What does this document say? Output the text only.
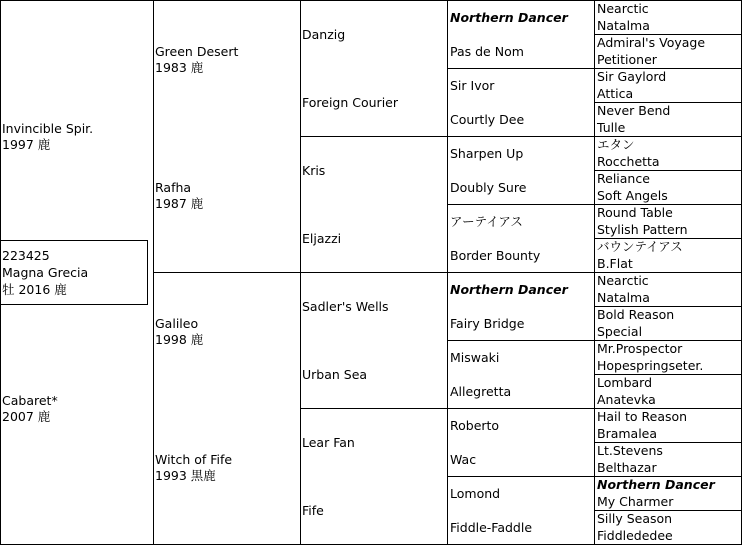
Invincible Spir.
1997 鹿
223425
Magna Grecia
牡 2016 鹿
Cabaret*
2007 鹿
Green Desert
1983 鹿
Rafha
1987 鹿
Galileo
1998 鹿
Witch of Fife
1993 黒鹿
Danzig
Foreign Courier
Kris
Eljazzi
Sadler's Wells
Urban Sea
Lear Fan
Fife
Northern Dancer
Pas de Nom
Sir Ivor
Courtly Dee
Sharpen Up
Doubly Sure
アーテイアス
Border Bounty
Northern Dancer
Fairy Bridge
Miswaki
Allegretta
Roberto
Wac
Lomond
Fiddle-Faddle
Nearctic
Natalma
Admiral's Voyage
Petitioner
Sir Gaylord
Attica
Never Bend
Tulle
エタン
Rocchetta
Reliance
Soft Angels
Round Table
Stylish Pattern
バウンテイアス
B.Flat
Nearctic
Natalma
Bold Reason
Special
Mr.Prospector
Hopespringseter.
Lombard
Anatevka
Hail to Reason
Bramalea
Lt.Stevens
Belthazar
Northern Dancer
My Charmer
Silly Season
Fiddlededee
